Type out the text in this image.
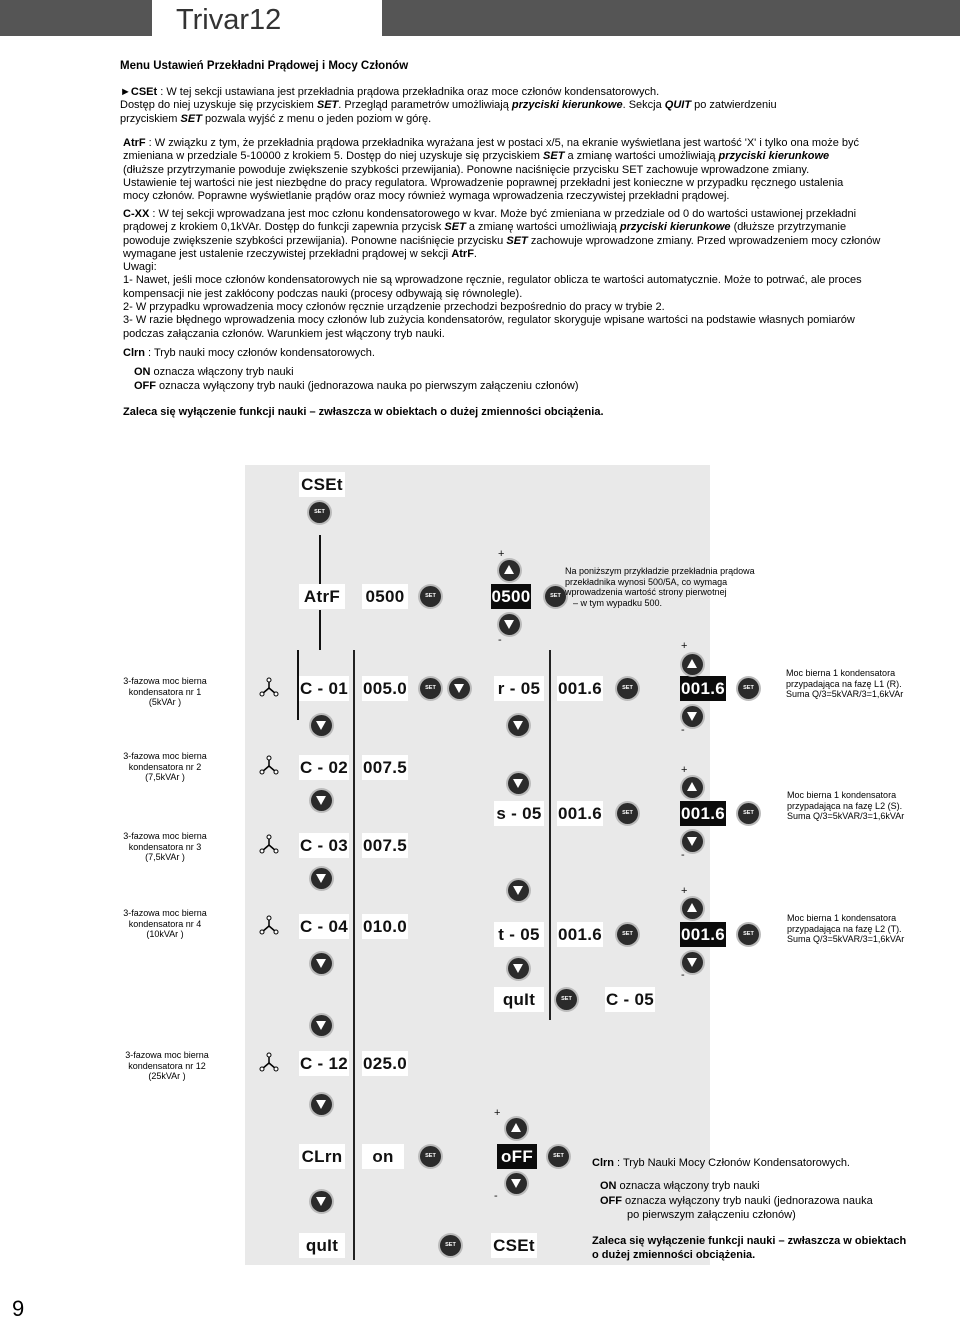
Trivar12
Menu Ustawień Przekładni Prądowej i Mocy Członów
►CSEt : W tej sekcji ustawiana jest przekładnia prądowa przekładnika oraz moce członów kondensatorowych.
Dostęp do niej uzyskuje się przyciskiem SET. Przegląd parametrów umożliwiają przyciski kierunkowe. Sekcja QUIT po zatwierdzeniu
przyciskiem SET pozwala wyjść z menu o jeden poziom w górę.
AtrF : W związku z tym, że przekładnia prądowa przekładnika wyrażana jest w postaci x/5, na ekranie wyświetlana jest wartość 'X' i tylko ona może być
zmieniana w przedziale 5-10000 z krokiem 5. Dostęp do niej uzyskuje się przyciskiem SET a zmianę wartości umożliwiają przyciski kierunkowe
(dłuższe przytrzymanie powoduje zwiększenie szybkości przewijania). Ponowne naciśnięcie przycisku SET zachowuje wprowadzone zmiany.
Ustawienie tej wartości nie jest niezbędne do pracy regulatora. Wprowadzenie poprawnej przekładni jest konieczne w przypadku ręcznego ustalenia
mocy członów. Poprawne wyświetlanie prądów oraz mocy również wymaga wprowadzenia rzeczywistej przekładni prądowej.
C-XX : W tej sekcji wprowadzana jest moc członu kondensatorowego w kvar. Może być zmieniana w przedziale od 0 do wartości ustawionej przekładni
prądowej z krokiem 0,1kVAr. Dostęp do funkcji zapewnia przycisk SET a zmianę wartości umożliwiają przyciski kierunkowe (dłuższe przytrzymanie
powoduje zwiększenie szybkości przewijania). Ponowne naciśnięcie przycisku SET zachowuje wprowadzone zmiany. Przed wprowadzeniem mocy członów
wymagane jest ustalenie rzeczywistej przekładni prądowej w sekcji AtrF.
Uwagi:
1- Nawet, jeśli moce członów kondensatorowych nie są wprowadzone ręcznie, regulator oblicza te wartości automatycznie. Może to potrwać, ale proces
kompensacji nie jest zakłócony podczas nauki (procesy odbywają się równolegle).
2- W przypadku wprowadzenia mocy członów ręcznie urządzenie przechodzi bezpośrednio do pracy w trybie 2.
3- W razie błędnego wprowadzenia mocy członów lub zużycia kondensatorów, regulator skoryguje wpisane wartości na podstawie własnych pomiarów
podczas załączania członów. Warunkiem jest włączony tryb nauki.
Clrn : Tryb nauki mocy członów kondensatorowych.
ON oznacza włączony tryb nauki
OFF oznacza wyłączony tryb nauki (jednorazowa nauka po pierwszym załączeniu członów)
Zaleca się wyłączenie funkcji nauki – zwłaszcza w obiektach o dużej zmienności obciążenia.
CSEt
SET
AtrF 0500	SET	0500	SET
+
-
Na poniższym przykładzie przekładnia prądowa
przekładnika wynosi 500/5A, co wymaga
wprowadzenia wartość strony pierwotnej
– w tym wypadku 500.
3-fazowa moc bierna
kondensatora nr 1
(5kVAr )
C - 01 005.0	SET	r - 05 001.6	SET	001.6	SET
+
-
Moc bierna 1 kondensatora
przypadająca na fazę L1 (R).
Suma Q/3=5kVAR/3=1,6kVAr
3-fazowa moc bierna
kondensatora nr 2
(7,5kVAr )	C - 02 007.5
s - 05 001.6	SET	001.6	SET
+
-
Moc bierna 1 kondensatora
przypadająca na fazę L2 (S).
Suma Q/3=5kVAR/3=1,6kVAr
3-fazowa moc bierna
kondensatora nr 3
(7,5kVAr )
C - 03 007.5
3-fazowa moc bierna
kondensatora nr 4
(10kVAr )	C - 04 010.0	t - 05 001.6	SET	001.6	SET
+
-
Moc bierna 1 kondensatora
przypadająca na fazę L2 (T).
Suma Q/3=5kVAR/3=1,6kVAr
quIt	SET	C - 05
3-fazowa moc bierna
kondensatora nr 12
(25kVAr )
C - 12 025.0
CLrn	on	SET	oFF	SET
+
-
quIt	SET	CSEt
Clrn : Tryb Nauki Mocy Członów Kondensatorowych.
ON oznacza włączony tryb nauki
OFF oznacza wyłączony tryb nauki (jednorazowa nauka
po pierwszym załączeniu członów)
Zaleca się wyłączenie funkcji nauki – zwłaszcza w obiektach
o dużej zmienności obciążenia.
9
